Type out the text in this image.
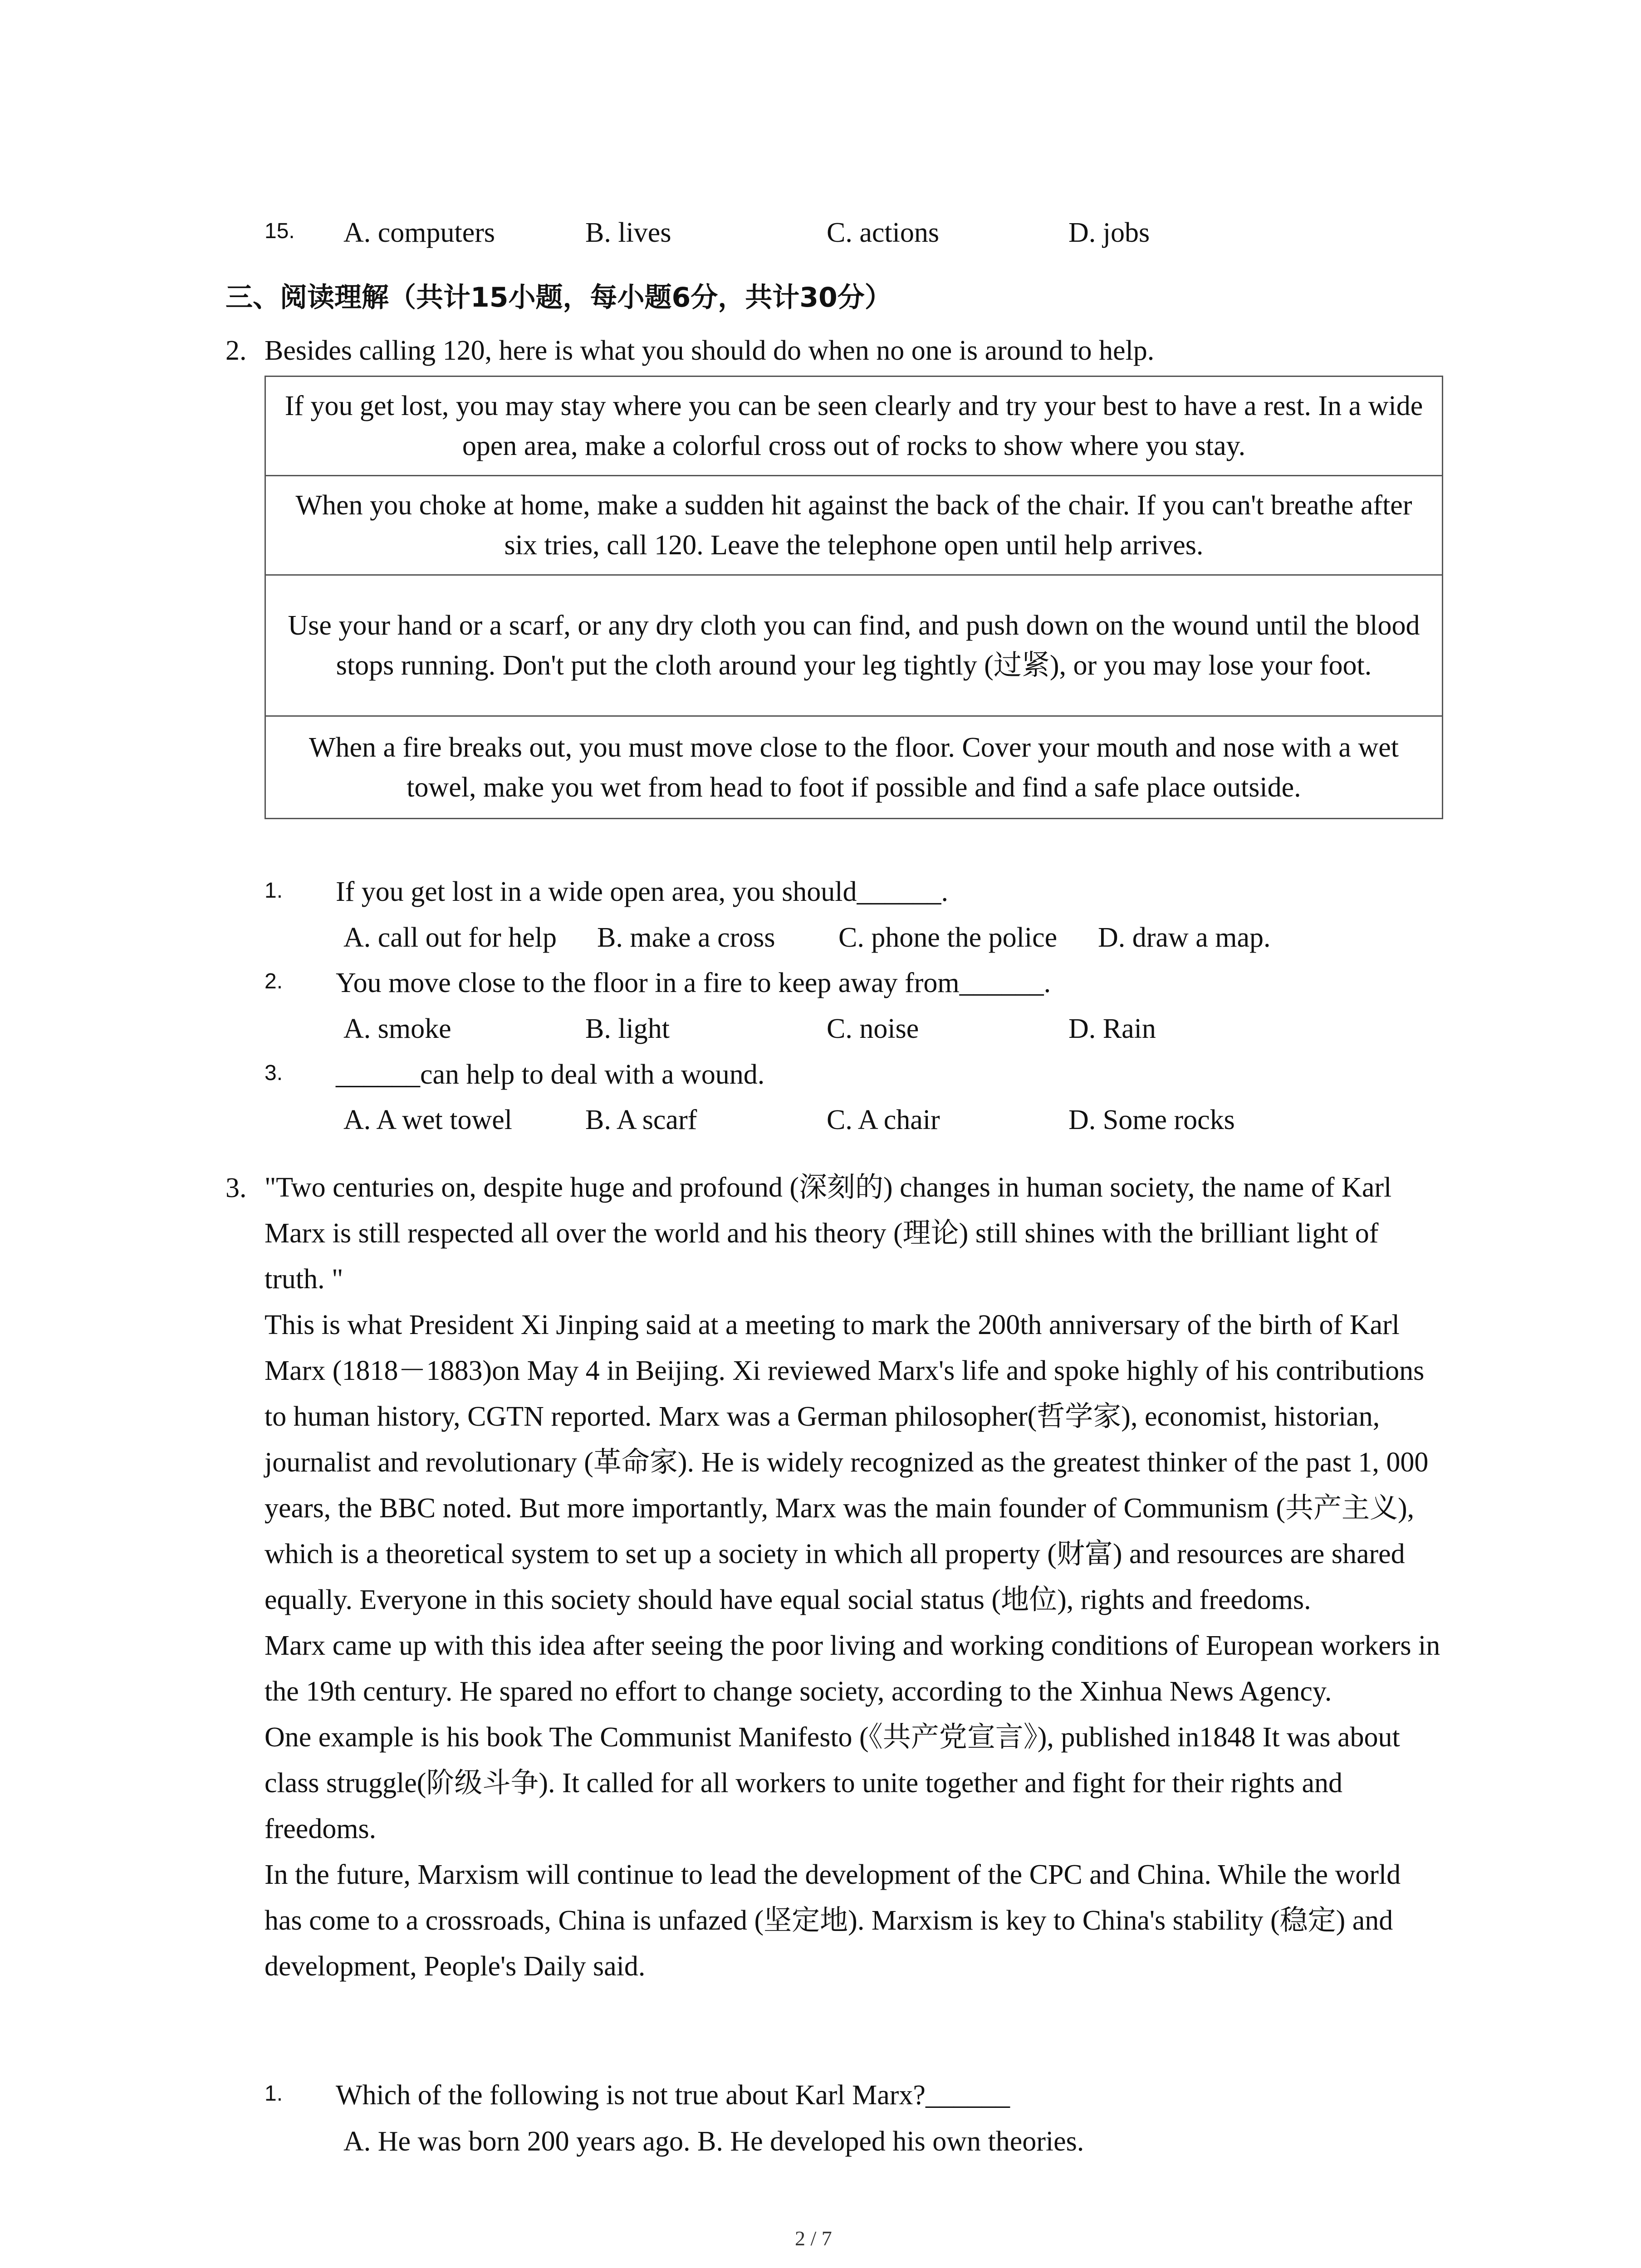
15. A. computers	B. lives	C. actions	D. jobs
三、阅读理解（共计15小题，每小题6分，共计30分）
2. Besides calling 120, here is what you should do when no one is around to help.
If you get lost, you may stay where you can be seen clearly and try your best to have a rest. In a wide open area, make a colorful cross out of rocks to show where you stay.
When you choke at home, make a sudden hit against the back of the chair. If you can't breathe after six tries, call 120. Leave the telephone open until help arrives.
Use your hand or a scarf, or any dry cloth you can find, and push down on the wound until the blood stops running. Don't put the cloth around your leg tightly (过紧), or you may lose your foot.
When a fire breaks out, you must move close to the floor. Cover your mouth and nose with a wet towel, make you wet from head to foot if possible and find a safe place outside.
1. If you get lost in a wide open area, you should______.
A. call out for help B. make a cross C. phone the police D. draw a map.
2. You move close to the floor in a fire to keep away from______.
A. smoke	B. light	C. noise	D. Rain
3. ______can help to deal with a wound.
A. A wet towel	B. A scarf	C. A chair	D. Some rocks
3. "Two centuries on, despite huge and profound (深刻的) changes in human society, the name of Karl Marx is still respected all over the world and his theory (理论) still shines with the brilliant light of truth. "

This is what President Xi Jinping said at a meeting to mark the 200th anniversary of the birth of Karl Marx (1818－1883)on May 4 in Beijing. Xi reviewed Marx's life and spoke highly of his contributions to human history, CGTN reported. Marx was a German philosopher(哲学家), economist, historian, journalist and revolutionary (革命家). He is widely recognized as the greatest thinker of the past 1, 000 years, the BBC noted. But more importantly, Marx was the main founder of Communism (共产主义), which is a theoretical system to set up a society in which all property (财富) and resources are shared equally. Everyone in this society should have equal social status (地位), rights and freedoms.

Marx came up with this idea after seeing the poor living and working conditions of European workers in the 19th century. He spared no effort to change society, according to the Xinhua News Agency.

One example is his book The Communist Manifesto (《共产党宣言》), published in1848 It was about class struggle(阶级斗争). It called for all workers to unite together and fight for their rights and freedoms.

In the future, Marxism will continue to lead the development of the CPC and China. While the world has come to a crossroads, China is unfazed (坚定地). Marxism is key to China's stability (稳定) and development, People's Daily said.

1. Which of the following is not true about Karl Marx?______
A. He was born 200 years ago. B. He developed his own theories.
2 / 7
